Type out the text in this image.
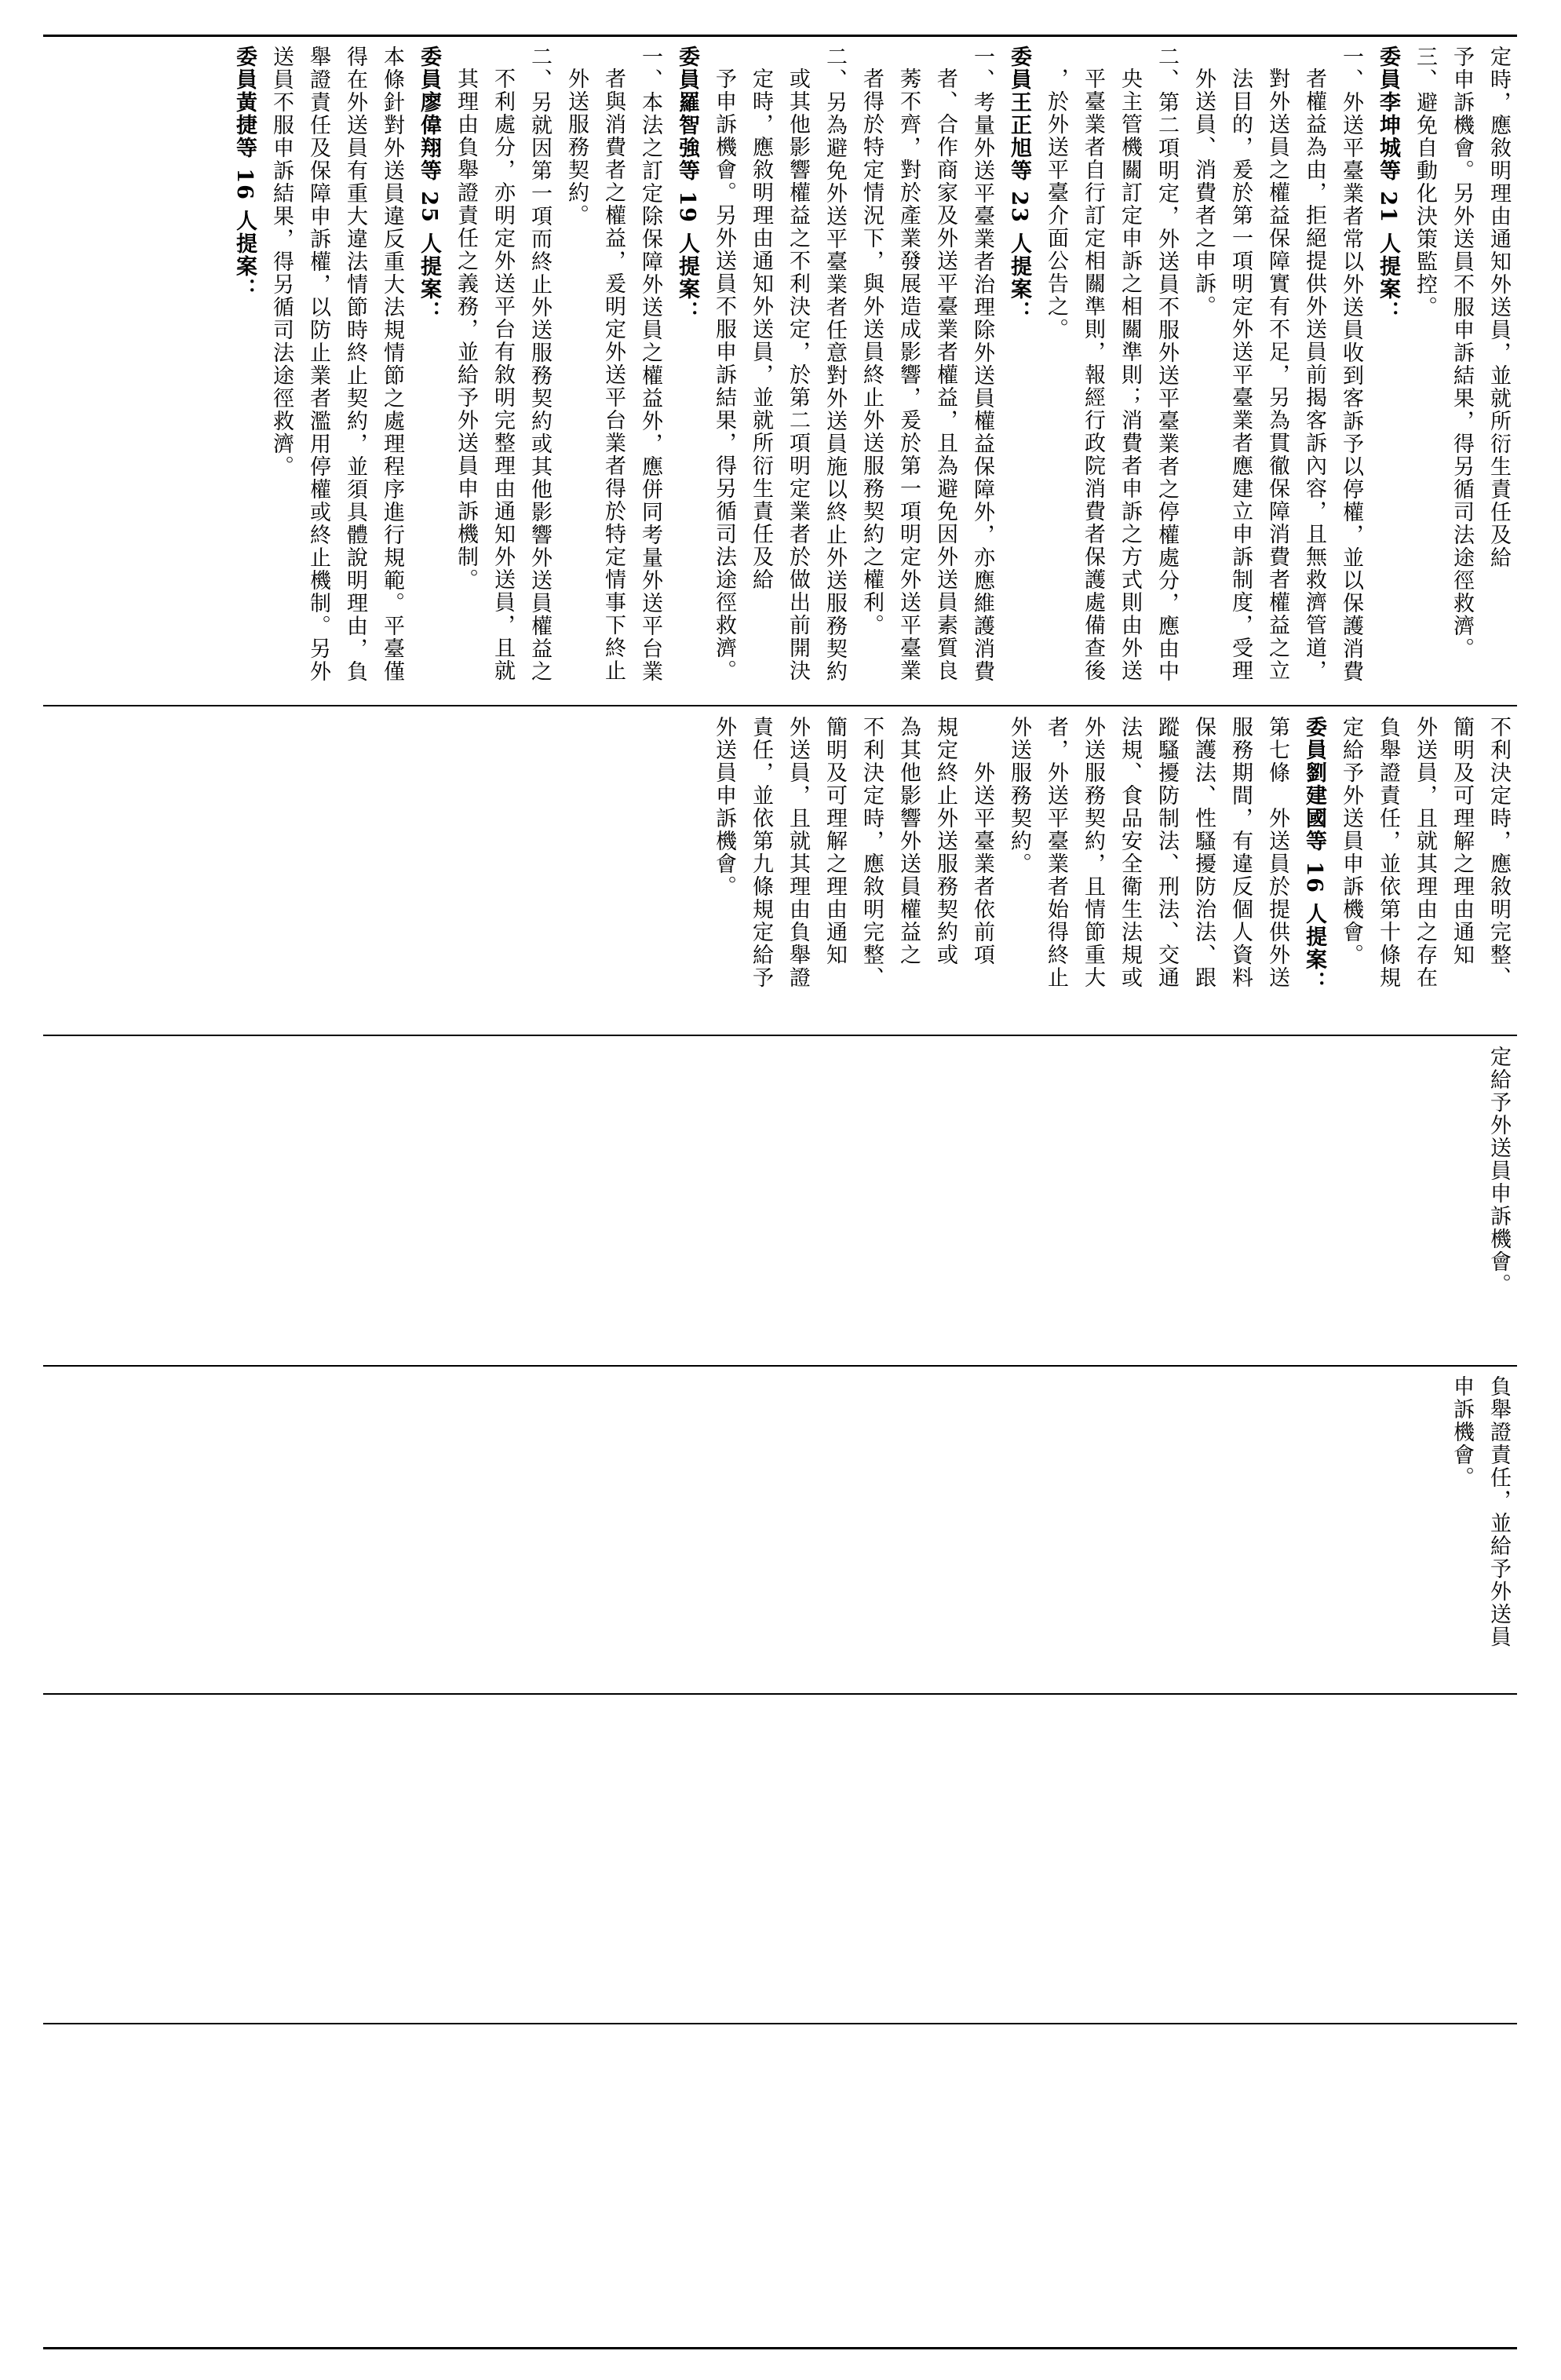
定時，應敘明理由通知外送員，並就所衍生責任及給

予申訴機會。另外送員不服申訴結果，得另循司法途徑救濟。

三、避免自動化決策監控。

委員李坤城等 21 人提案：

一、外送平臺業者常以外送員收到客訴予以停權，並以保護消費

者權益為由，拒絕提供外送員前揭客訴內容，且無救濟管道，

對外送員之權益保障實有不足，另為貫徹保障消費者權益之立

法目的，爰於第一項明定外送平臺業者應建立申訴制度，受理

外送員、消費者之申訴。

二、第二項明定，外送員不服外送平臺業者之停權處分，應由中

央主管機關訂定申訴之相關準則；消費者申訴之方式則由外送

平臺業者自行訂定相關準則，報經行政院消費者保護處備查後

，於外送平臺介面公告之。

委員王正旭等 23 人提案：

一、考量外送平臺業者治理除外送員權益保障外，亦應維護消費

者、合作商家及外送平臺業者權益，且為避免因外送員素質良

莠不齊，對於產業發展造成影響，爰於第一項明定外送平臺業

者得於特定情況下，與外送員終止外送服務契約之權利。

二、另為避免外送平臺業者任意對外送員施以終止外送服務契約

或其他影響權益之不利決定，於第二項明定業者於做出前開決

定時，應敘明理由通知外送員，並就所衍生責任及給

予申訴機會。另外送員不服申訴結果，得另循司法途徑救濟。

委員羅智強等 19 人提案：

一、本法之訂定除保障外送員之權益外，應併同考量外送平台業

者與消費者之權益，爰明定外送平台業者得於特定情事下終止

外送服務契約。

二、另就因第一項而終止外送服務契約或其他影響外送員權益之

不利處分，亦明定外送平台有敘明完整理由通知外送員，且就

其理由負舉證責任之義務，並給予外送員申訴機制。

委員廖偉翔等 25 人提案：

本條針對外送員違反重大法規情節之處理程序進行規範。平臺僅

得在外送員有重大違法情節時終止契約，並須具體說明理由，負

舉證責任及保障申訴權，以防止業者濫用停權或終止機制。另外

送員不服申訴結果，得另循司法途徑救濟。

委員黃捷等 16 人提案：

不利決定時，應敘明完整、

簡明及可理解之理由通知

外送員，且就其理由之存在

負舉證責任，並依第十條規

定給予外送員申訴機會。

委員劉建國等 16 人提案：

第七條　外送員於提供外送

服務期間，有違反個人資料

保護法、性騷擾防治法、跟

蹤騷擾防制法、刑法、交通

法規、食品安全衛生法規或

外送服務契約，且情節重大

者，外送平臺業者始得終止

外送服務契約。

　　外送平臺業者依前項

規定終止外送服務契約或

為其他影響外送員權益之

不利決定時，應敘明完整、

簡明及可理解之理由通知

外送員，且就其理由負舉證

責任，並依第九條規定給予

外送員申訴機會。

定給予外送員申訴機會。

負舉證責任，並給予外送員

申訴機會。
